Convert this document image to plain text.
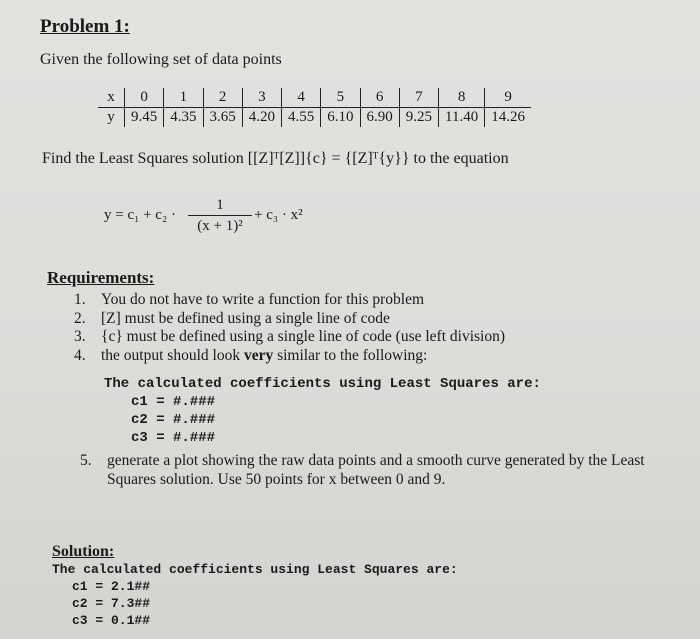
Problem 1:
Given the following set of data points
x	0	1	2	3	4	5	6	7	8	9
y	9.45	4.35	3.65	4.20	4.55	6.10	6.90	9.25	11.40	14.26
Find the Least Squares solution [[Z]ᵀ[Z]]{c} = {[Z]ᵀ{y}} to the equation
$y = c_1 + c_2 \cdot \frac{1}{\text{(x + 1)²}} + c_3 \cdot x^2$
Requirements:
1. You do not have to write a function for this problem
2. [Z] must be defined using a single line of code
3. {c} must be defined using a single line of code (use left division)
4. the output should look very similar to the following:
The calculated coefficients using Least Squares are:
c1 = #.###
c2 = #.###
c3 = #.###
5. generate a plot showing the raw data points and a smooth curve generated by the Least
Squares solution. Use 50 points for x between 0 and 9.
Solution:
The calculated coefficients using Least Squares are:
c1 = 2.1##
c2 = 7.3##
c3 = 0.1##
